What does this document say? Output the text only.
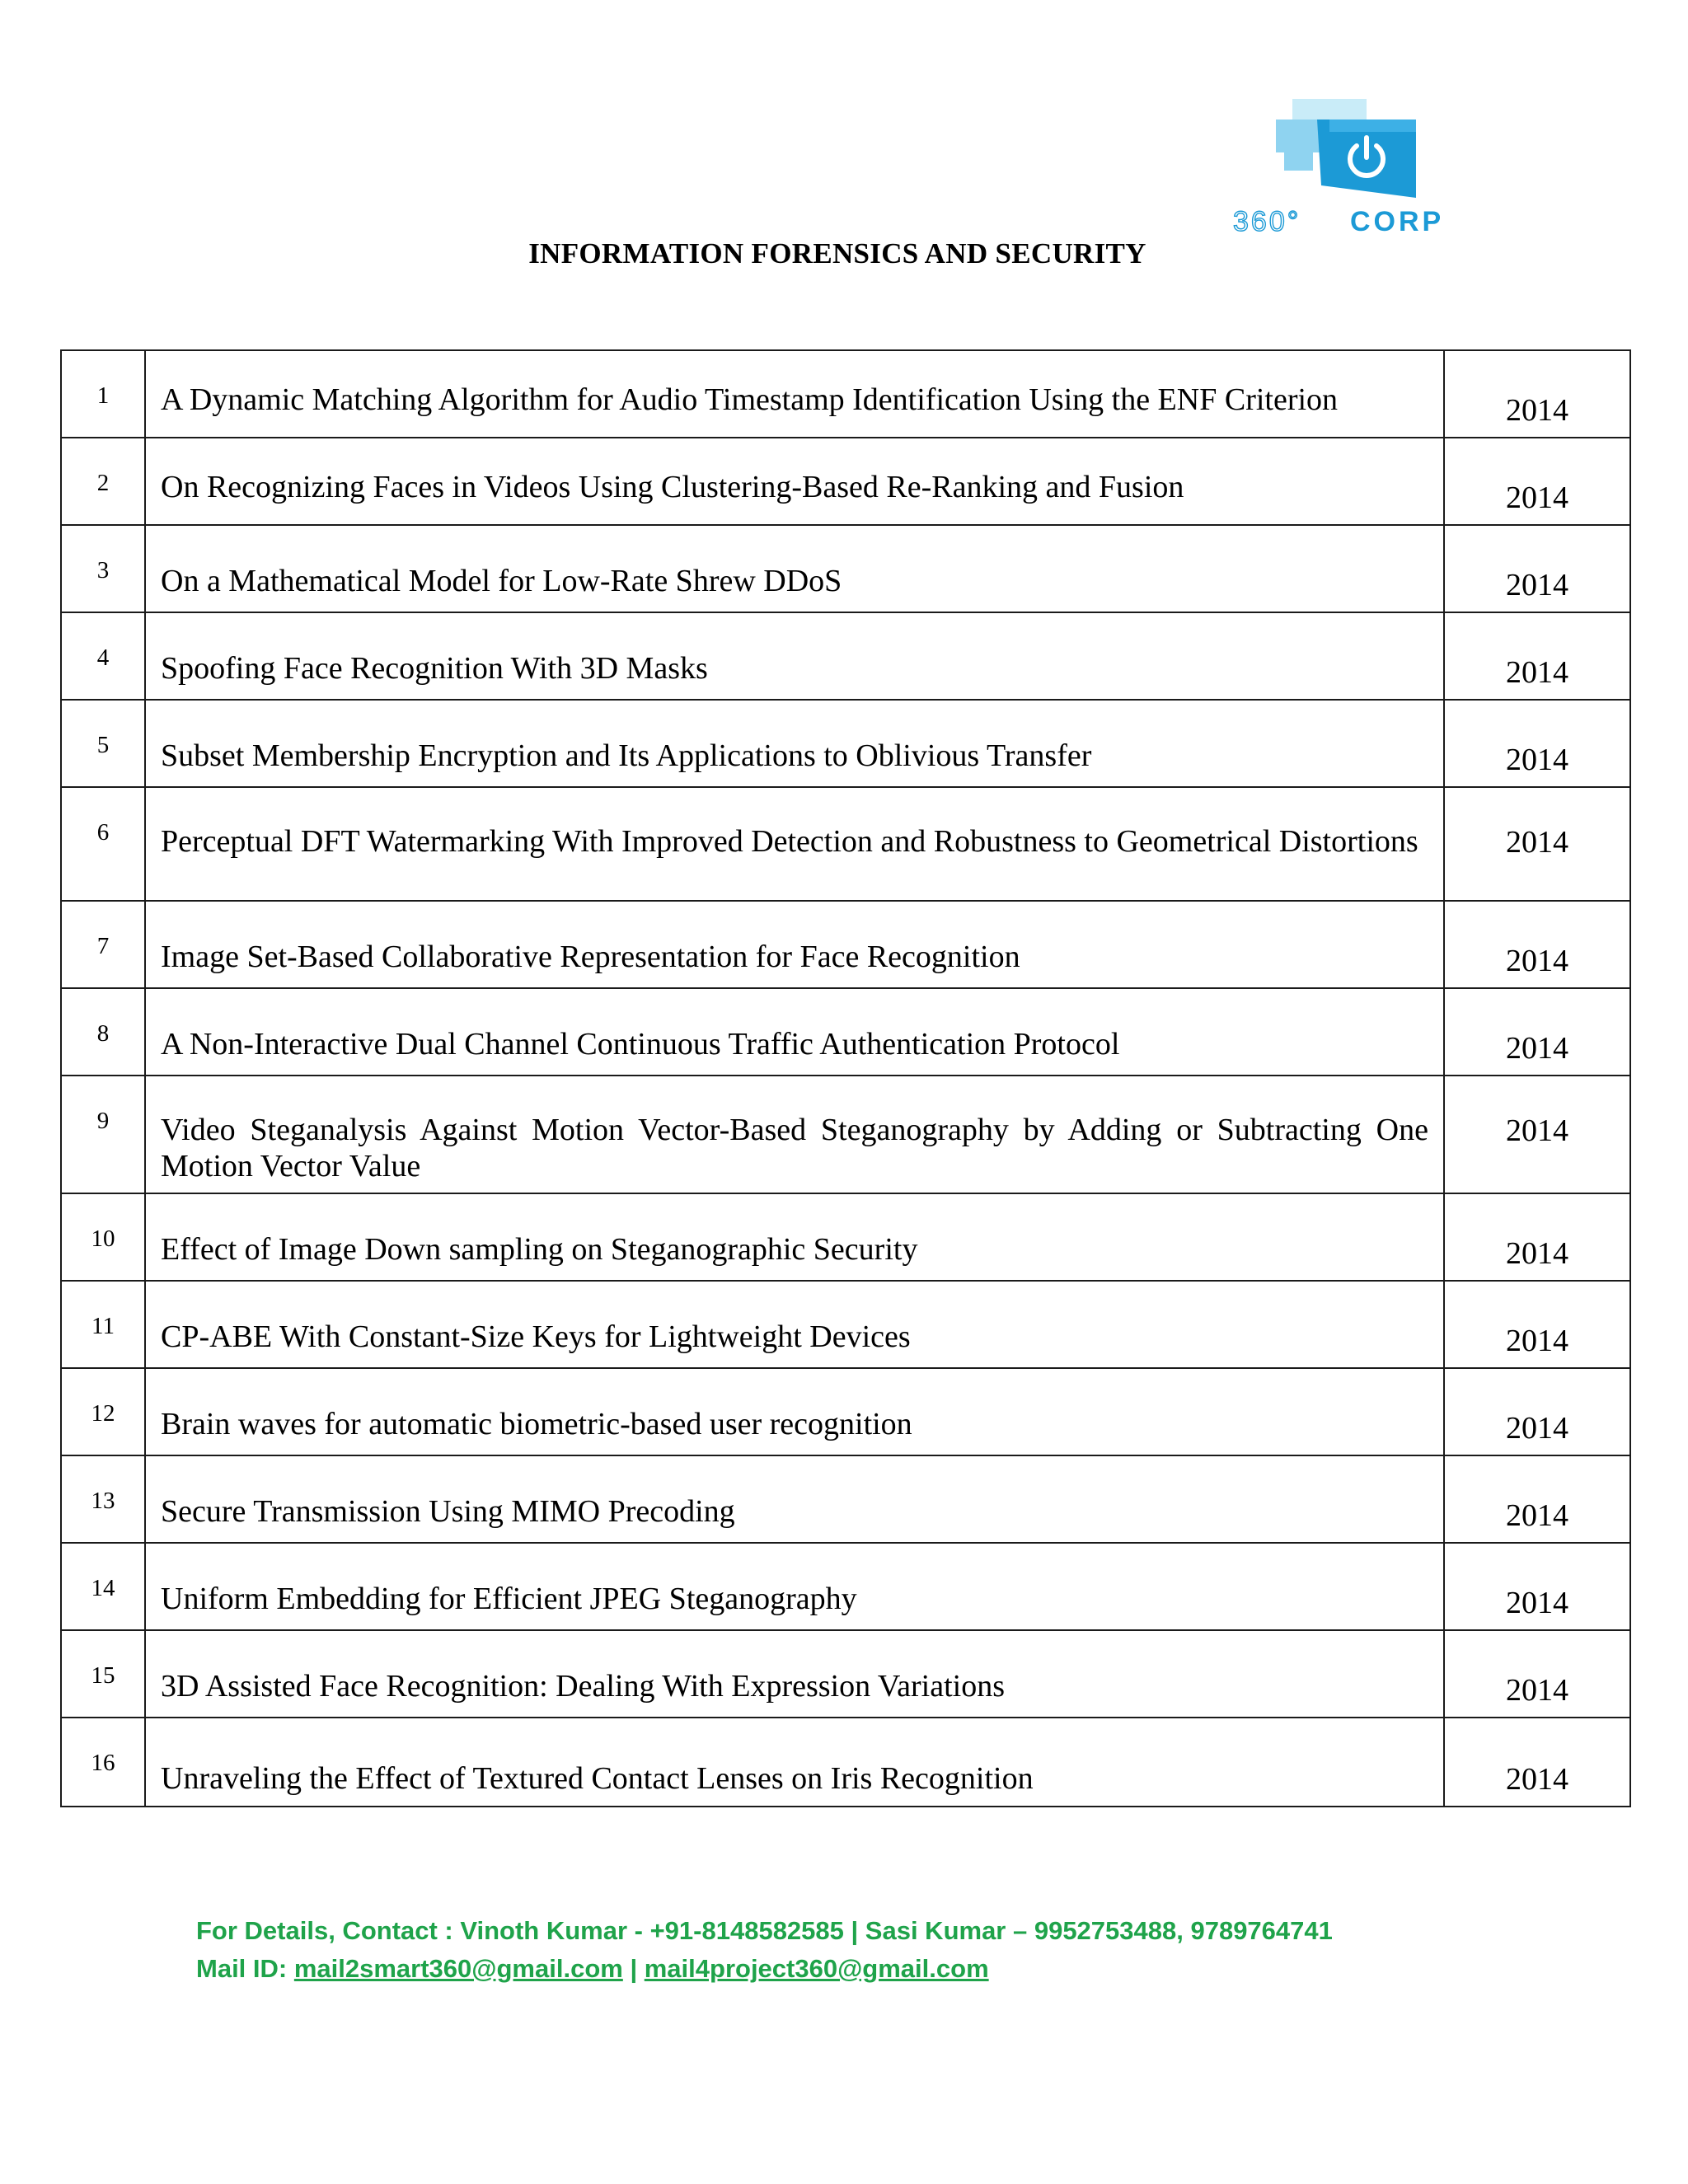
360° CORP
INFORMATION FORENSICS AND SECURITY
1	A Dynamic Matching Algorithm for Audio Timestamp Identification Using the ENF Criterion	2014
2	On Recognizing Faces in Videos Using Clustering-Based Re-Ranking and Fusion	2014
3	On a Mathematical Model for Low-Rate Shrew DDoS	2014
4	Spoofing Face Recognition With 3D Masks	2014
5	Subset Membership Encryption and Its Applications to Oblivious Transfer	2014
6	Perceptual DFT Watermarking With Improved Detection and Robustness to Geometrical Distortions	2014
7	Image Set-Based Collaborative Representation for Face Recognition	2014
8	A Non-Interactive Dual Channel Continuous Traffic Authentication Protocol	2014
9	Video Steganalysis Against Motion Vector-Based Steganography by Adding or Subtracting One Motion Vector Value	2014
10	Effect of Image Down sampling on Steganographic Security	2014
11	CP-ABE With Constant-Size Keys for Lightweight Devices	2014
12	Brain waves for automatic biometric-based user recognition	2014
13	Secure Transmission Using MIMO Precoding	2014
14	Uniform Embedding for Efficient JPEG Steganography	2014
15	3D Assisted Face Recognition: Dealing With Expression Variations	2014
16	Unraveling the Effect of Textured Contact Lenses on Iris Recognition	2014
For Details, Contact : Vinoth Kumar - +91-8148582585 | Sasi Kumar – 9952753488, 9789764741
Mail ID: mail2smart360@gmail.com | mail4project360@gmail.com
